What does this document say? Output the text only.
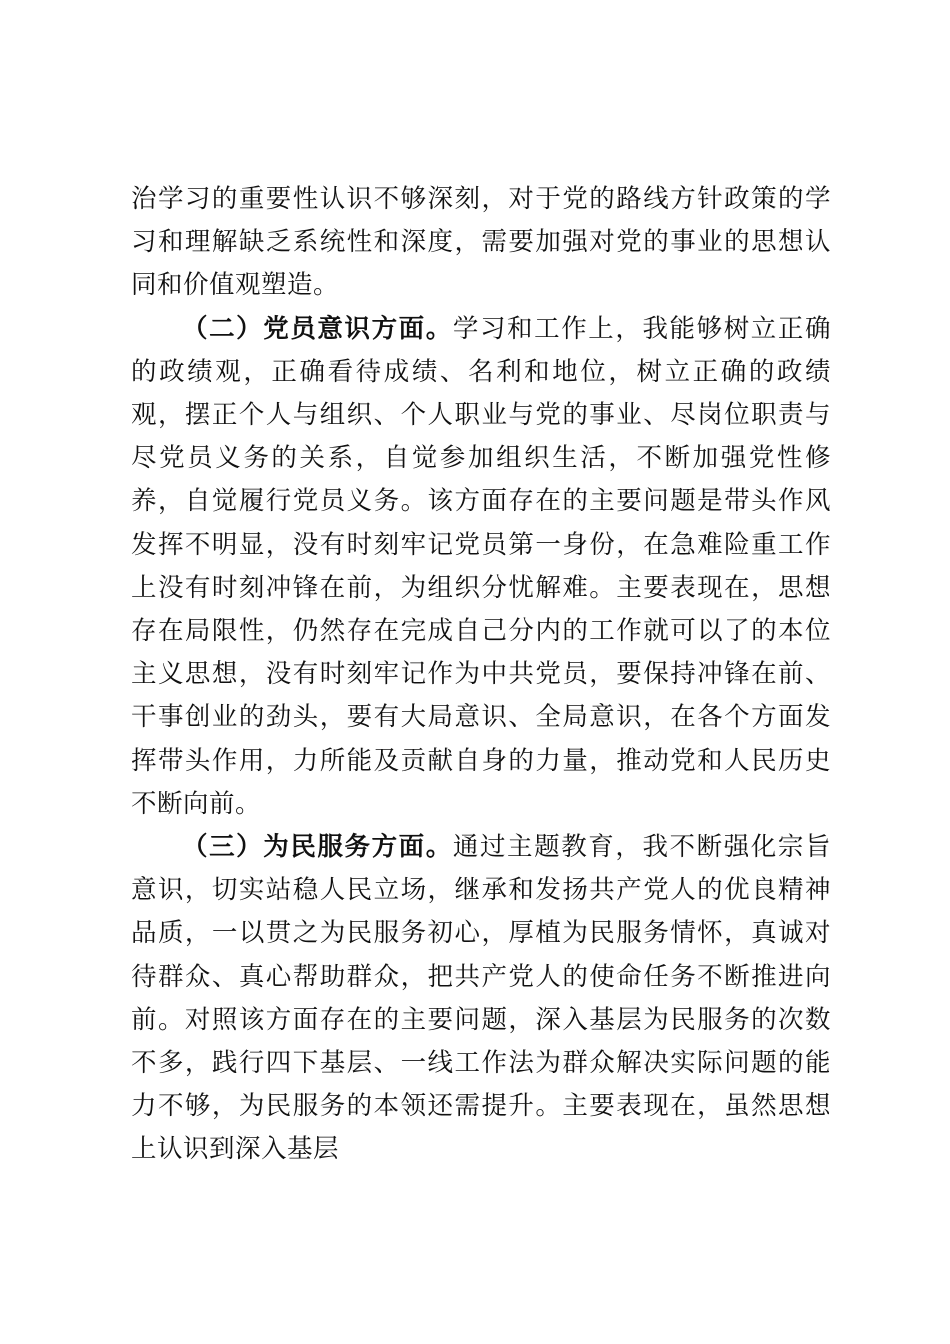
治学习的重要性认识不够深刻，对于党的路线方针政策的学习和理解缺乏系统性和深度，需要加强对党的事业的思想认同和价值观塑造。

（二）党员意识方面。学习和工作上，我能够树立正确的政绩观，正确看待成绩、名利和地位，树立正确的政绩观，摆正个人与组织、个人职业与党的事业、尽岗位职责与尽党员义务的关系，自觉参加组织生活，不断加强党性修养，自觉履行党员义务。该方面存在的主要问题是带头作风发挥不明显，没有时刻牢记党员第一身份，在急难险重工作上没有时刻冲锋在前，为组织分忧解难。主要表现在，思想存在局限性，仍然存在完成自己分内的工作就可以了的本位主义思想，没有时刻牢记作为中共党员，要保持冲锋在前、干事创业的劲头，要有大局意识、全局意识，在各个方面发挥带头作用，力所能及贡献自身的力量，推动党和人民历史不断向前。

（三）为民服务方面。通过主题教育，我不断强化宗旨意识，切实站稳人民立场，继承和发扬共产党人的优良精神品质，一以贯之为民服务初心，厚植为民服务情怀，真诚对待群众、真心帮助群众，把共产党人的使命任务不断推进向前。对照该方面存在的主要问题，深入基层为民服务的次数不多，践行四下基层、一线工作法为群众解决实际问题的能力不够，为民服务的本领还需提升。主要表现在，虽然思想上认识到深入基层
